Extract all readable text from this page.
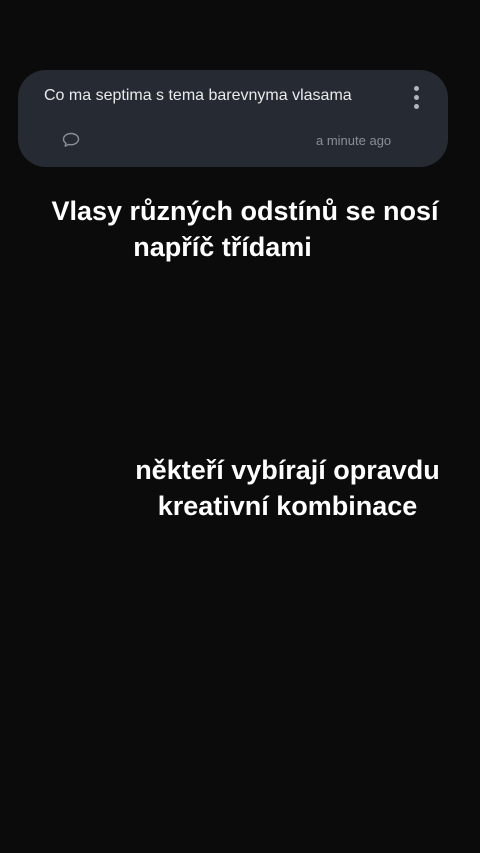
Co ma septima s tema barevnyma vlasama
a minute ago
Vlasy různých odstínů se nosí
napříč třídami
někteří vybírají opravdu
kreativní kombinace
